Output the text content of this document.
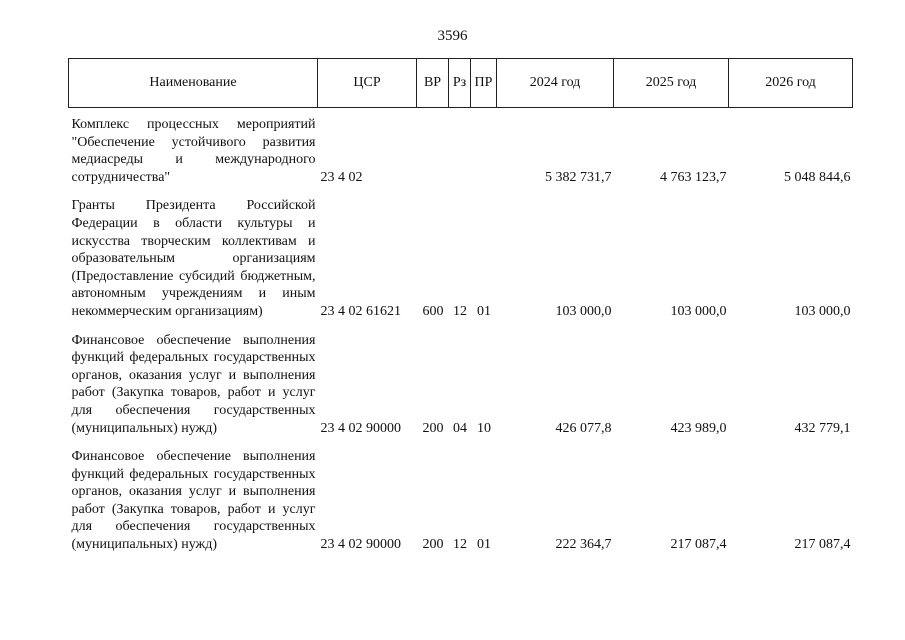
3596
Наименование	ЦСР	ВР	Рз	ПР	2024 год	2025 год	2026 год
Комплекс процессных мероприятий "Обеспечение устойчивого развития медиасреды и международного сотрудничества"	23 4 02				5 382 731,7	4 763 123,7	5 048 844,6
Гранты Президента Российской Федерации в области культуры и искусства творческим коллективам и образовательным организациям (Предоставление субсидий бюджетным, автономным учреждениям и иным некоммерческим организациям)	23 4 02 61621	600	12	01	103 000,0	103 000,0	103 000,0
Финансовое обеспечение выполнения функций федеральных государственных органов, оказания услуг и выполнения работ (Закупка товаров, работ и услуг для обеспечения государственных (муниципальных) нужд)	23 4 02 90000	200	04	10	426 077,8	423 989,0	432 779,1
Финансовое обеспечение выполнения функций федеральных государственных органов, оказания услуг и выполнения работ (Закупка товаров, работ и услуг для обеспечения государственных (муниципальных) нужд)	23 4 02 90000	200	12	01	222 364,7	217 087,4	217 087,4
